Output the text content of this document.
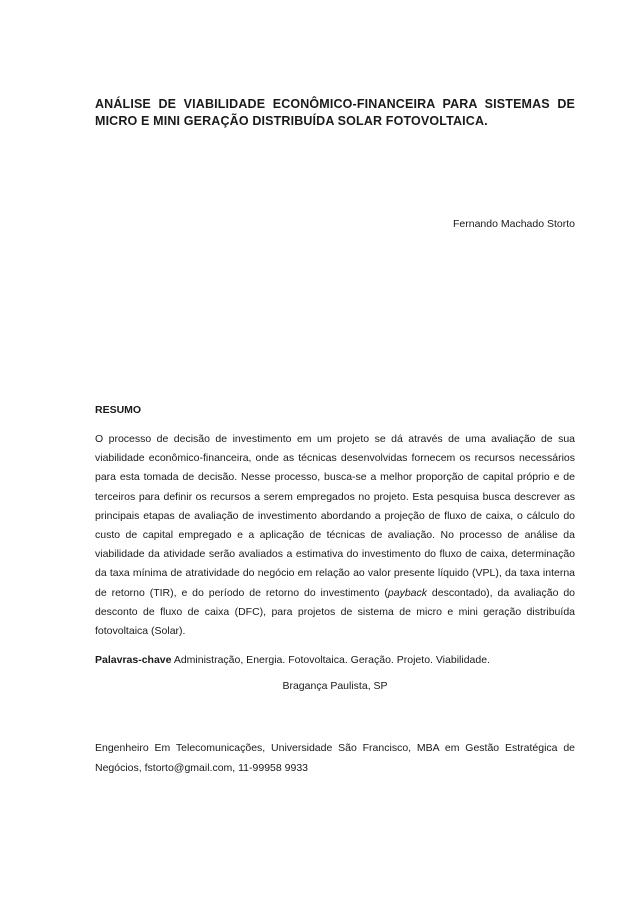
ANÁLISE DE VIABILIDADE ECONÔMICO-FINANCEIRA PARA SISTEMAS DE MICRO E MINI GERAÇÃO DISTRIBUÍDA SOLAR FOTOVOLTAICA.

Fernando Machado Storto

RESUMO

O processo de decisão de investimento em um projeto se dá através de uma avaliação de sua viabilidade econômico-financeira, onde as técnicas desenvolvidas fornecem os recursos necessários para esta tomada de decisão. Nesse processo, busca-se a melhor proporção de capital próprio e de terceiros para definir os recursos a serem empregados no projeto. Esta pesquisa busca descrever as principais etapas de avaliação de investimento abordando a projeção de fluxo de caixa, o cálculo do custo de capital empregado e a aplicação de técnicas de avaliação. No processo de análise da viabilidade da atividade serão avaliados a estimativa do investimento do fluxo de caixa, determinação da taxa mínima de atratividade do negócio em relação ao valor presente líquido (VPL), da taxa interna de retorno (TIR), e do período de retorno do investimento (payback descontado), da avaliação do desconto de fluxo de caixa (DFC), para projetos de sistema de micro e mini geração distribuída fotovoltaica (Solar).

Palavras-chave Administração, Energia. Fotovoltaica. Geração. Projeto. Viabilidade.

Bragança Paulista, SP

Engenheiro Em Telecomunicações, Universidade São Francisco, MBA em Gestão Estratégica de Negócios, fstorto@gmail.com, 11-99958 9933
